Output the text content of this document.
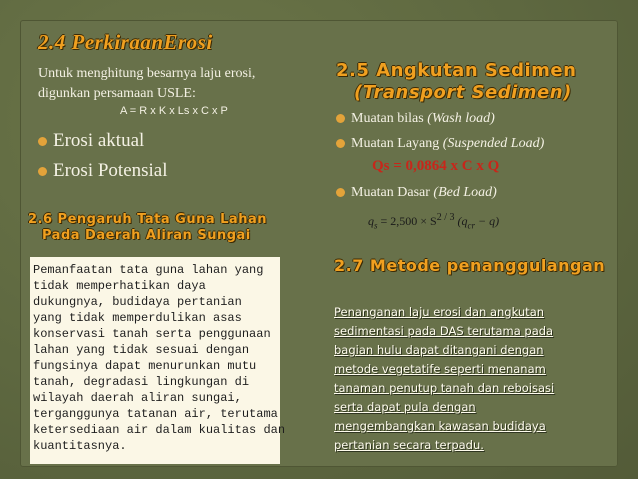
2.4 PerkiraanErosi
Untuk menghitung besarnya laju erosi,
digunkan persamaan USLE:
A = R x K x Ls x C x P
Erosi aktual
Erosi Potensial
2.6 Pengaruh Tata Guna Lahan
Pada Daerah Aliran Sungai
Pemanfaatan tata guna lahan yang
tidak memperhatikan daya
dukungnya, budidaya pertanian
yang tidak memperdulikan asas
konservasi tanah serta penggunaan
lahan yang tidak sesuai dengan
fungsinya dapat menurunkan mutu
tanah, degradasi lingkungan di
wilayah daerah aliran sungai,
terganggunya tatanan air, terutama
ketersediaan air dalam kualitas dan
kuantitasnya.
2.5 Angkutan Sedimen
(Transport Sedimen)
Muatan bilas (Wash load)
Muatan Layang (Suspended Load)
Qs = 0,0864 x C x Q
Muatan Dasar (Bed Load)
$q_s = 2,500 \times S^{2 / 3}$ $(q_{cr} - q)$
2.7 Metode penanggulangan
Penanganan laju erosi dan angkutan
sedimentasi pada DAS terutama pada
bagian hulu dapat ditangani dengan
metode vegetatife seperti menanam
tanaman penutup tanah dan reboisasi
serta dapat pula dengan
mengembangkan kawasan budidaya
pertanian secara terpadu.
